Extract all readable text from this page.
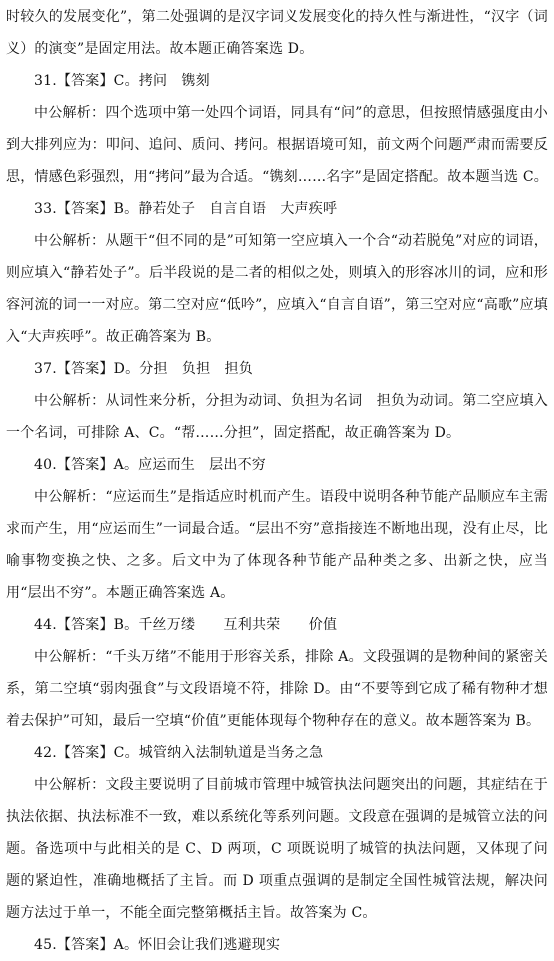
时较久的发展变化”，第二处强调的是汉字词义发展变化的持久性与渐进性，“汉字（词义）的演变”是固定用法。故本题正确答案选 D。

31.【答案】C。拷问　镌刻

中公解析：四个选项中第一处四个词语，同具有“问”的意思，但按照情感强度由小到大排列应为：叩问、追问、质问、拷问。根据语境可知，前文两个问题严肃而需要反思，情感色彩强烈，用“拷问”最为合适。“镌刻……名字”是固定搭配。故本题当选 C。

33.【答案】B。静若处子　自言自语　大声疾呼

中公解析：从题干“但不同的是”可知第一空应填入一个合“动若脱兔”对应的词语，则应填入“静若处子”。后半段说的是二者的相似之处，则填入的形容冰川的词，应和形容河流的词一一对应。第二空对应“低吟”，应填入“自言自语”，第三空对应“高歌”应填入“大声疾呼”。故正确答案为 B。

37.【答案】D。分担　负担　担负

中公解析：从词性来分析，分担为动词、负担为名词　担负为动词。第二空应填入一个名词，可排除 A、C。“帮……分担”，固定搭配，故正确答案为 D。

40.【答案】A。应运而生　层出不穷

中公解析：“应运而生”是指适应时机而产生。语段中说明各种节能产品顺应车主需求而产生，用“应运而生”一词最合适。“层出不穷”意指接连不断地出现，没有止尽，比喻事物变换之快、之多。后文中为了体现各种节能产品种类之多、出新之快，应当用“层出不穷”。本题正确答案选 A。

44.【答案】B。千丝万缕　　互利共荣　　价值

中公解析：“千头万绪”不能用于形容关系，排除 A。文段强调的是物种间的紧密关系，第二空填“弱肉强食”与文段语境不符，排除 D。由“不要等到它成了稀有物种才想着去保护”可知，最后一空填“价值”更能体现每个物种存在的意义。故本题答案为 B。

42.【答案】C。城管纳入法制轨道是当务之急

中公解析：文段主要说明了目前城市管理中城管执法问题突出的问题，其症结在于执法依据、执法标准不一致，难以系统化等系列问题。文段意在强调的是城管立法的问题。备选项中与此相关的是 C、D 两项，C 项既说明了城管的执法问题，又体现了问题的紧迫性，准确地概括了主旨。而 D 项重点强调的是制定全国性城管法规，解决问题方法过于单一，不能全面完整第概括主旨。故答案为 C。

45.【答案】A。怀旧会让我们逃避现实
